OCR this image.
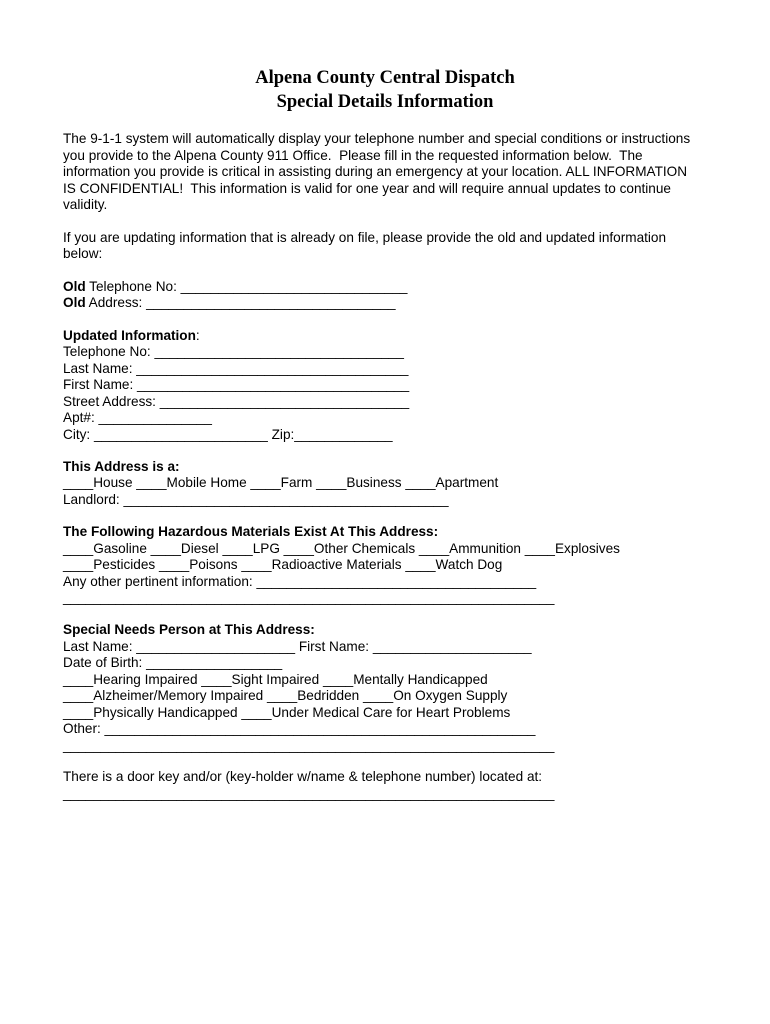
Alpena County Central Dispatch
Special Details Information
The 9-1-1 system will automatically display your telephone number and special conditions or instructions
you provide to the Alpena County 911 Office.  Please fill in the requested information below.  The
information you provide is critical in assisting during an emergency at your location. ALL INFORMATION
IS CONFIDENTIAL!  This information is valid for one year and will require annual updates to continue
validity.
If you are updating information that is already on file, please provide the old and updated information
below:
Old Telephone No: ______________________________
Old Address: _________________________________
Updated Information:
Telephone No: _________________________________
Last Name: ____________________________________
First Name: ____________________________________
Street Address: _________________________________
Apt#: _______________
City: _______________________ Zip:_____________
This Address is a:
____House ____Mobile Home ____Farm ____Business ____Apartment
Landlord: ___________________________________________
The Following Hazardous Materials Exist At This Address:
____Gasoline ____Diesel ____LPG ____Other Chemicals ____Ammunition ____Explosives
____Pesticides ____Poisons ____Radioactive Materials ____Watch Dog
Any other pertinent information: _____________________________________
_________________________________________________________________
Special Needs Person at This Address:
Last Name: _____________________ First Name: _____________________
Date of Birth: __________________
____Hearing Impaired ____Sight Impaired ____Mentally Handicapped
____Alzheimer/Memory Impaired ____Bedridden ____On Oxygen Supply
____Physically Handicapped ____Under Medical Care for Heart Problems
Other: _________________________________________________________
_________________________________________________________________
There is a door key and/or (key-holder w/name & telephone number) located at:
_________________________________________________________________
